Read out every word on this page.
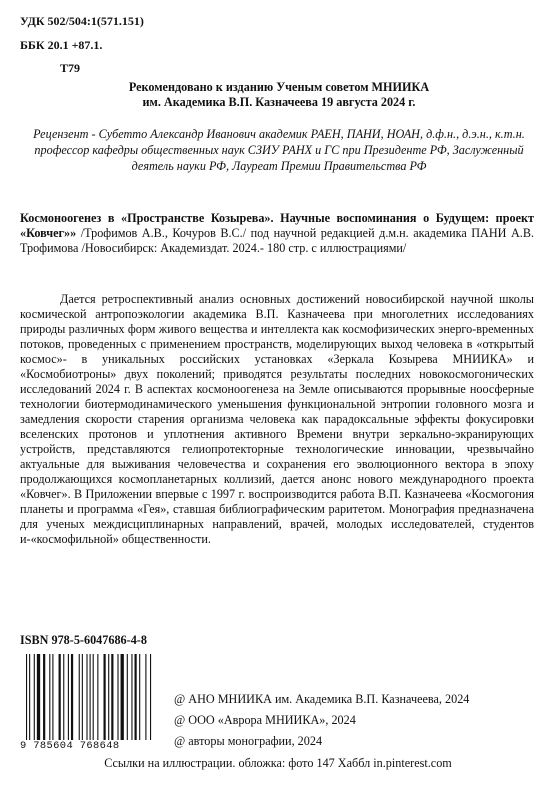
УДК 502/504:1(571.151)
ББК 20.1 +87.1.
Т79
Рекомендовано к изданию Ученым советом МНИИКА
им. Академика В.П. Казначеева 19 августа 2024 г.
Рецензент - Субетто Александр Иванович академик РАЕН, ПАНИ, НОАН, д.ф.н., д.э.н., к.т.н. профессор кафедры общественных наук СЗИУ РАНХ и ГС при Президенте РФ, Заслуженный деятель науки РФ, Лауреат Премии Правительства РФ
Космоноогенез в «Пространстве Козырева». Научные воспоминания о Будущем: проект «Ковчег»» /Трофимов А.В., Кочуров В.С./ под научной редакцией д.м.н. академика ПАНИ А.В. Трофимова /Новосибирск: Академиздат. 2024.- 180 стр. с иллюстрациями/

Дается ретроспективный анализ основных достижений новосибирской научной школы космической антропоэкологии академика В.П. Казначеева при многолетних исследованиях природы различных форм живого вещества и интеллекта как космофизических энерго-временных потоков, проведенных с применением пространств, моделирующих выход человека в «открытый космос»- в уникальных российских установках «Зеркала Козырева МНИИКА» и «Космобиотроны» двух поколений; приводятся результаты последних новокосмогонических исследований 2024 г. В аспектах космоноогенеза на Земле описываются прорывные ноосферные технологии биотермодинамического уменьшения функциональной энтропии головного мозга и замедления скорости старения организма человека как парадоксальные эффекты фокусировки вселенских протонов и уплотнения активного Времени внутри зеркально-экранирующих устройств, представляются гелиопротекторные технологические инновации, чрезвычайно актуальные для выживания человечества и сохранения его эволюционного вектора в эпоху продолжающихся космопланетарных коллизий, дается анонс нового международного проекта «Ковчег». В Приложении впервые с 1997 г. воспроизводится работа В.П. Казначеева «Космогония планеты и программа «Гея», ставшая библиографическим раритетом. Монография предназначена для ученых междисциплинарных направлений, врачей, молодых исследователей, студентов и-«космофильной» общественности.

ISBN 978-5-6047686-4-8
9 785604 768648
@ АНО МНИИКА им. Академика В.П. Казначеева, 2024
@ ООО «Аврора МНИИКА», 2024
@ авторы монографии, 2024
Ссылки на иллюстрации. обложка: фото 147 Хаббл in.pinterest.com
